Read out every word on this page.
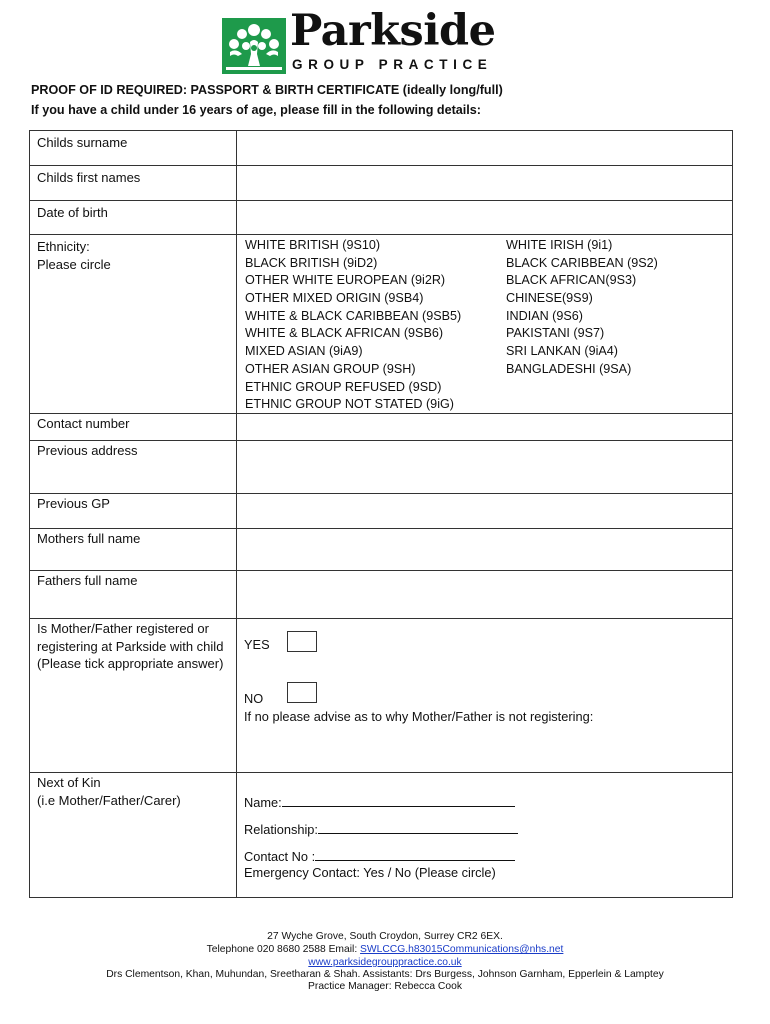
Parkside
GROUP PRACTICE
PROOF OF ID REQUIRED: PASSPORT & BIRTH CERTIFICATE (ideally long/full)
If you have a child under 16 years of age, please fill in the following details:
Childs surname
Childs first names
Date of birth
Ethnicity:
Please circle
WHITE BRITISH (9S10)
BLACK BRITISH (9iD2)
OTHER WHITE EUROPEAN (9i2R)
OTHER MIXED ORIGIN (9SB4)
WHITE & BLACK CARIBBEAN (9SB5)
WHITE & BLACK AFRICAN (9SB6)
MIXED ASIAN (9iA9)
OTHER ASIAN GROUP (9SH)
ETHNIC GROUP REFUSED (9SD)
ETHNIC GROUP NOT STATED (9iG)
WHITE IRISH (9i1)
BLACK CARIBBEAN (9S2)
BLACK AFRICAN(9S3)
CHINESE(9S9)
INDIAN (9S6)
PAKISTANI (9S7)
SRI LANKAN (9iA4)
BANGLADESHI (9SA)
Contact number
Previous address
Previous GP
Mothers full name
Fathers full name
Is Mother/Father registered or registering at Parkside with child
(Please tick appropriate answer)
YES
NO
If no please advise as to why Mother/Father is not registering:
Next of Kin
(i.e Mother/Father/Carer)	Name:
Relationship:
Contact No :
Emergency Contact: Yes / No (Please circle)
27 Wyche Grove, South Croydon, Surrey CR2 6EX.
Telephone 020 8680 2588 Email: SWLCCG.h83015Communications@nhs.net
www.parksidegrouppractice.co.uk
Drs Clementson, Khan, Muhundan, Sreetharan & Shah. Assistants: Drs Burgess, Johnson Garnham, Epperlein & Lamptey
Practice Manager: Rebecca Cook
